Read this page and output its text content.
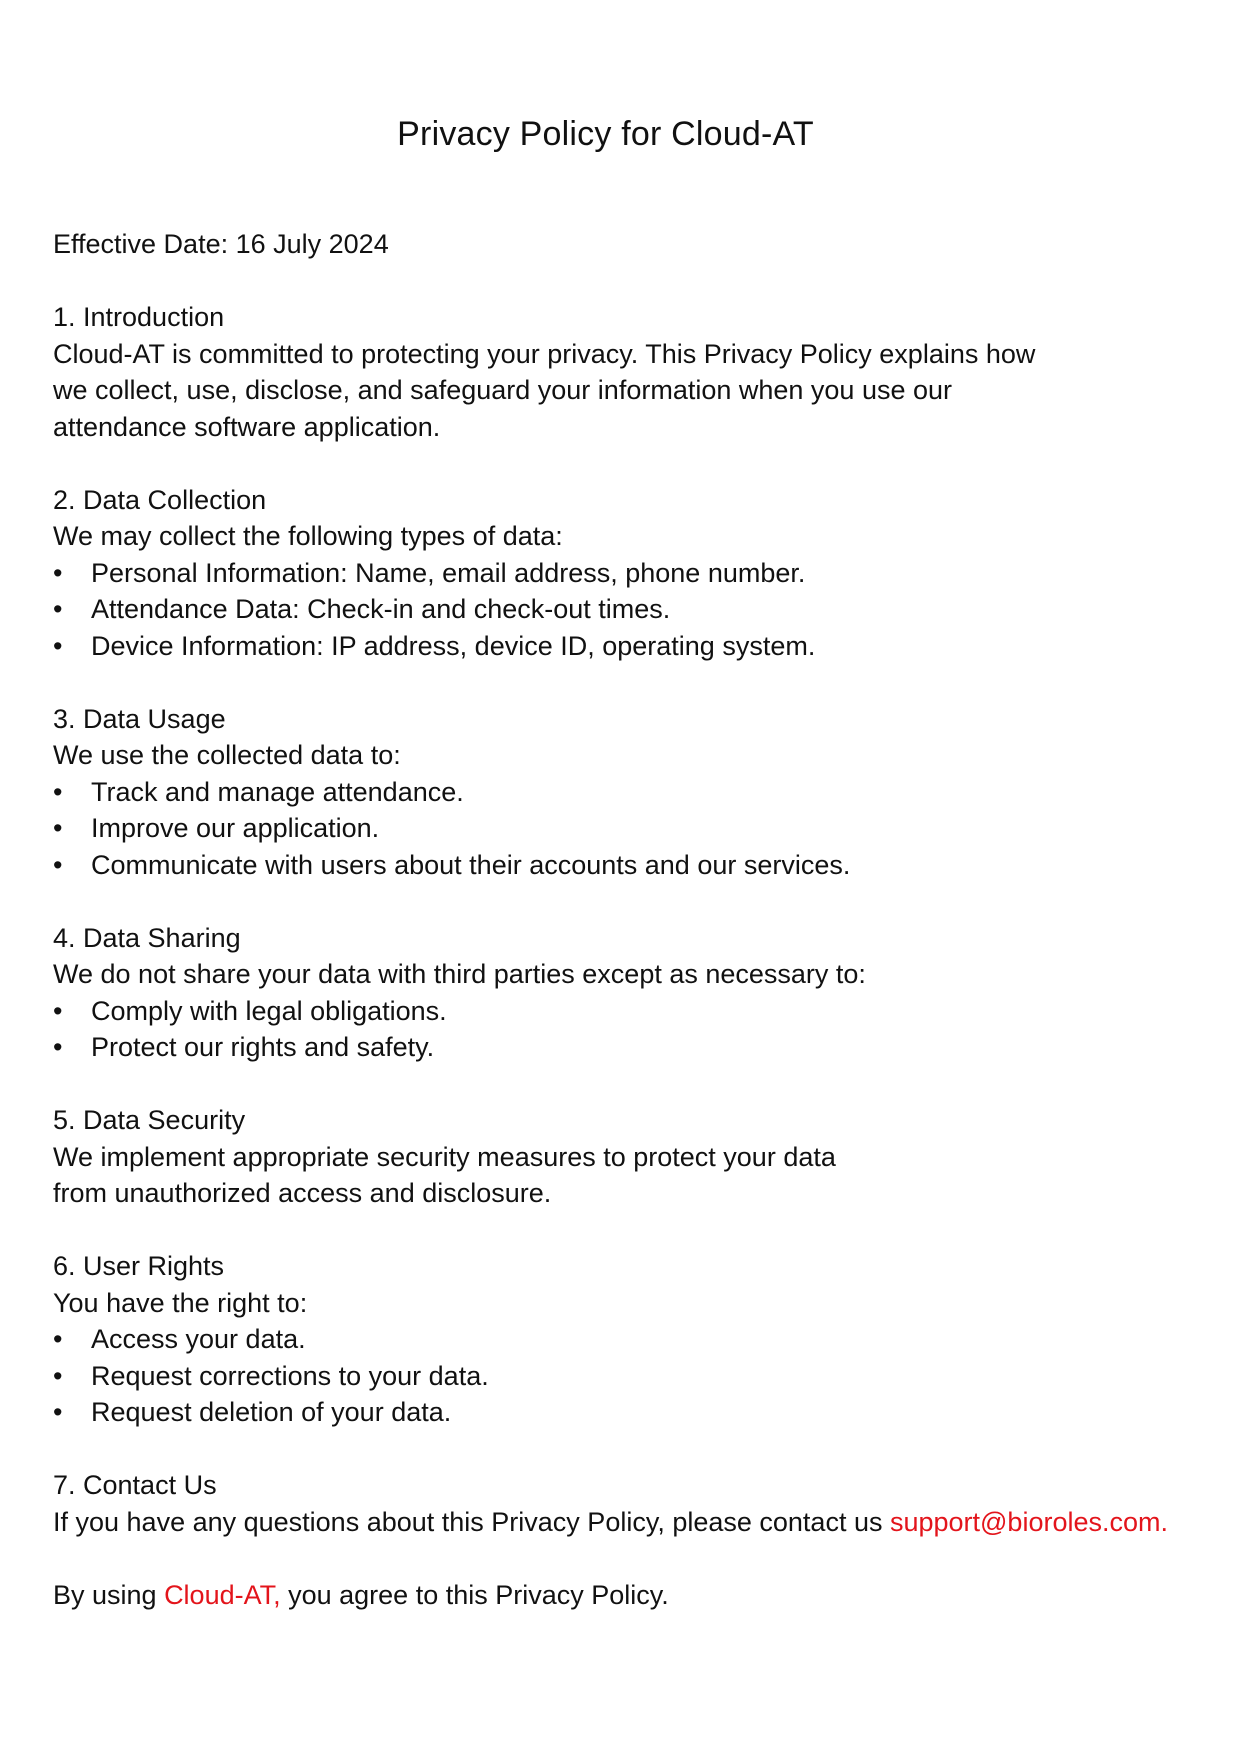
Privacy Policy for Cloud-AT
Effective Date: 16 July 2024
1. Introduction
Cloud-AT is committed to protecting your privacy. This Privacy Policy explains how
we collect, use, disclose, and safeguard your information when you use our
attendance software application.
2. Data Collection
We may collect the following types of data:
•	Personal Information: Name, email address, phone number.
•	Attendance Data: Check-in and check-out times.
•	Device Information: IP address, device ID, operating system.
3. Data Usage
We use the collected data to:
•	Track and manage attendance.
•	Improve our application.
•	Communicate with users about their accounts and our services.
4. Data Sharing
We do not share your data with third parties except as necessary to:
•	Comply with legal obligations.
•	Protect our rights and safety.
5. Data Security
We implement appropriate security measures to protect your data
from unauthorized access and disclosure.
6. User Rights
You have the right to:
•	Access your data.
•	Request corrections to your data.
•	Request deletion of your data.
7. Contact Us
If you have any questions about this Privacy Policy, please contact us support@bioroles.com.
By using Cloud-AT, you agree to this Privacy Policy.
